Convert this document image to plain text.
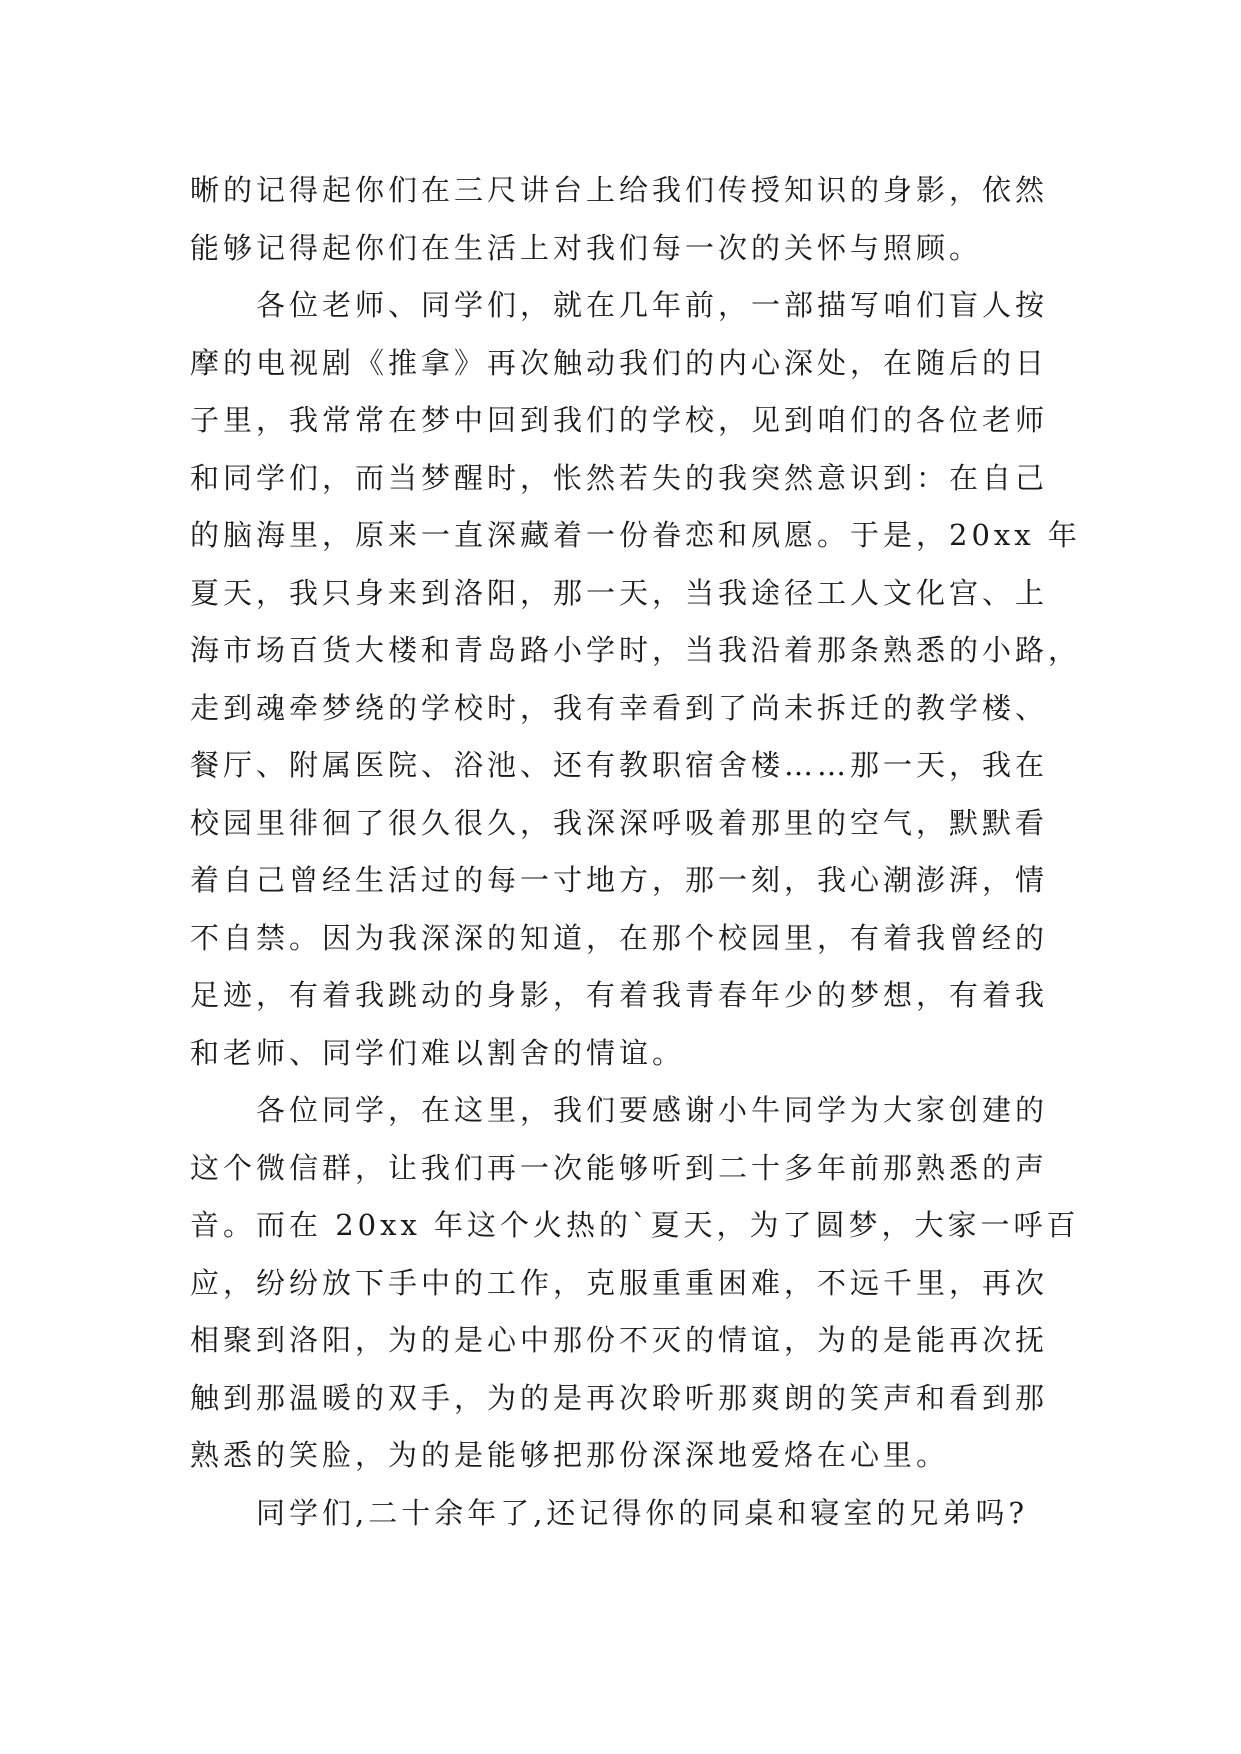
晰的记得起你们在三尺讲台上给我们传授知识的身影，依然
能够记得起你们在生活上对我们每一次的关怀与照顾。
各位老师、同学们，就在几年前，一部描写咱们盲人按
摩的电视剧《推拿》再次触动我们的内心深处，在随后的日
子里，我常常在梦中回到我们的学校，见到咱们的各位老师
和同学们，而当梦醒时，怅然若失的我突然意识到：在自己
的脑海里，原来一直深藏着一份眷恋和夙愿。于是，20xx 年
夏天，我只身来到洛阳，那一天，当我途径工人文化宫、上
海市场百货大楼和青岛路小学时，当我沿着那条熟悉的小路，
走到魂牵梦绕的学校时，我有幸看到了尚未拆迁的教学楼、
餐厅、附属医院、浴池、还有教职宿舍楼……那一天，我在
校园里徘徊了很久很久，我深深呼吸着那里的空气，默默看
着自己曾经生活过的每一寸地方，那一刻，我心潮澎湃，情
不自禁。因为我深深的知道，在那个校园里，有着我曾经的
足迹，有着我跳动的身影，有着我青春年少的梦想，有着我
和老师、同学们难以割舍的情谊。
各位同学，在这里，我们要感谢小牛同学为大家创建的
这个微信群，让我们再一次能够听到二十多年前那熟悉的声
音。而在 20xx 年这个火热的`夏天，为了圆梦，大家一呼百
应，纷纷放下手中的工作，克服重重困难，不远千里，再次
相聚到洛阳，为的是心中那份不灭的情谊，为的是能再次抚
触到那温暖的双手，为的是再次聆听那爽朗的笑声和看到那
熟悉的笑脸，为的是能够把那份深深地爱烙在心里。
同学们,二十余年了,还记得你的同桌和寝室的兄弟吗?
